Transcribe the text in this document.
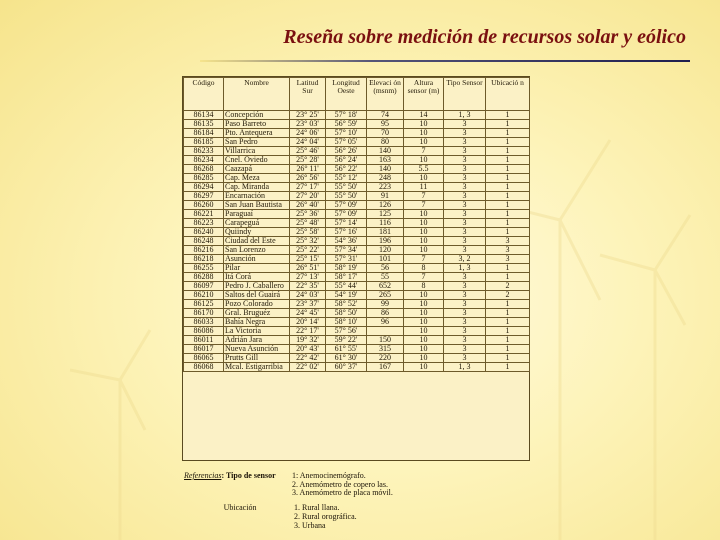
Reseña sobre medición de recursos solar y eólico
Código	Nombre	Latitud Sur	Longitud Oeste	Elevaci ón (msnm)	Altura sensor (m)	Tipo Sensor	Ubicació n
86134	Concepción	23° 25'	57° 18'	74	14	1, 3	1
86135	Paso Barreto	23° 03'	56° 59'	95	10	3	1
86184	Pto. Antequera	24° 06'	57° 10'	70	10	3	1
86185	San Pedro	24° 04'	57° 05'	80	10	3	1
86233	Villarrica	25° 46'	56° 26'	140	7	3	1
86234	Cnel. Oviedo	25° 28'	56° 24'	163	10	3	1
86268	Caazapá	26° 11'	56° 22'	140	5.5	3	1
86285	Cap. Meza	26° 56'	55° 12'	248	10	3	1
86294	Cap. Miranda	27° 17'	55° 50'	223	11	3	1
86297	Encarnación	27° 20'	55° 50'	91	7	3	1
86260	San Juan Bautista	26° 40'	57° 09'	126	7	3	1
86221	Paraguaí	25° 36'	57° 09'	125	10	3	1
86223	Carapeguá	25° 48'	57° 14'	116	10	3	1
86240	Quiindy	25° 58'	57° 16'	181	10	3	1
86248	Ciudad del Este	25° 32'	54° 36'	196	10	3	3
86216	San Lorenzo	25° 22'	57° 34'	120	10	3	3
86218	Asunción	25° 15'	57° 31'	101	7	3, 2	3
86255	Pilar	26° 51'	58° 19'	56	8	1, 3	1
86288	Itá Corá	27° 13'	58° 17'	55	7	3	1
86097	Pedro J. Caballero	22° 35'	55° 44'	652	8	3	2
86210	Saltos del Guairá	24° 03'	54° 19'	265	10	3	2
86125	Pozo Colorado	23° 37'	58° 52'	99	10	3	1
86170	Gral. Bruguéz	24° 45'	58° 50'	86	10	3	1
86033	Bahía Negra	20° 14'	58° 10'	96	10	3	1
86086	La Victoria	22° 17'	57° 56'		10	3	1
86011	Adrián Jara	19° 32'	59° 22'	150	10	3	1
86017	Nueva Asunción	20° 43'	61° 55'	315	10	3	1
86065	Prutts Gill	22° 42'	61° 30'	220	10	3	1
86068	Mcal. Estigarribia	22° 02'	60° 37'	167	10	1, 3	1
Referencias: Tipo de sensor	1: Anemocinemógrafo.
2. Anemómetro de copero las.
3. Anemómetro de placa móvil.
Ubicación	1. Rural llana.
2. Rural orográfica.
3. Urbana
